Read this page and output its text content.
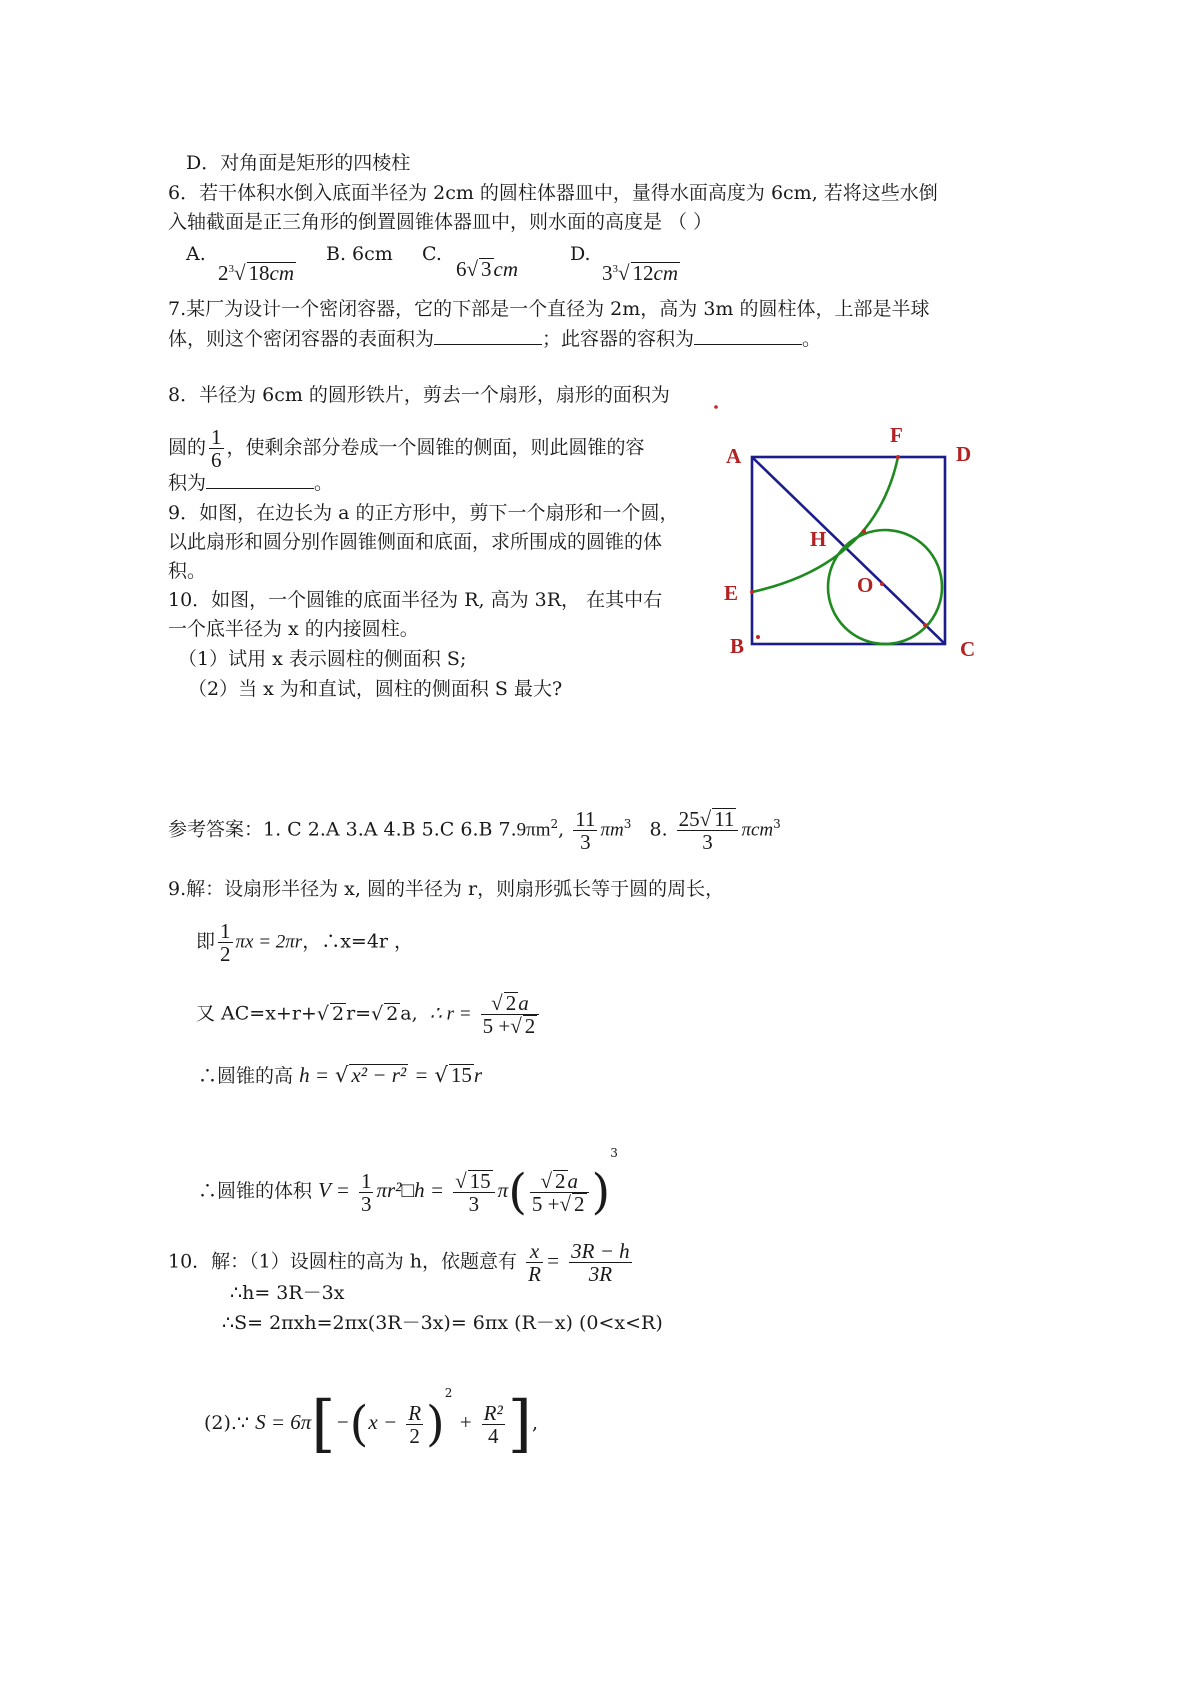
D．对角面是矩形的四棱柱
6．若干体积水倒入底面半径为 2cm 的圆柱体器皿中，量得水面高度为 6cm, 若将这些水倒
入轴截面是正三角形的倒置圆锥体器皿中，则水面的高度是 （ ）
A.
$2^3√$ 18cm
B. 6cm C.
6√ 3cm
D.
$3^3√$ 12cm
7.某厂为设计一个密闭容器，它的下部是一个直径为 2m，高为 3m 的圆柱体，上部是半球
体，则这个密闭容器的表面积为	；此容器的容积为	。
8．半径为 6cm 的圆形铁片，剪去一个扇形，扇形的面积为
圆的 $\frac{1}{6}$ ，使剩余部分卷成一个圆锥的侧面，则此圆锥的容
积为	。
9．如图，在边长为 a 的正方形中，剪下一个扇形和一个圆，
以此扇形和圆分别作圆锥侧面和底面，求所围成的圆锥的体
积。
10．如图，一个圆锥的底面半径为 R, 高为 3R， 在其中右
一个底半径为 x 的内接圆柱。
（1）试用 x 表示圆柱的侧面积 S;
（2）当 x 为和直试，圆柱的侧面积 S 最大?
A	D
B	C
F
H
E	O
参考答案：1. C 2.A 3.A 4.B 5.C 6.B $7.9\pi m^2$, $\frac{11}{3} \pi m^3$ 8. $\frac{25√ 11}{3} \pi cm^3$
9.解：设扇形半径为 x, 圆的半径为 r，则扇形弧长等于圆的周长，
即 $\frac{1}{2}$ πx = 2πr，∴x=4r ，
又 AC=x+r+√ 2 r=√ 2 a, ∴ $r = \frac{√ 2a}{5 +√ 2}$
∴圆锥的高 h = √ x² − r² = √ 15r
∴圆锥的体积 $V = \frac{1}{3}$ πr²□h = $\frac{√ 15}{3} \pi( \frac{√ 2a}{5 +√ 2} )^3$
10．解：（1）设圆柱的高为 h，依题意有 $\frac{x}{R} = \frac{3R - h}{3R}$
∴h= 3R－3x
∴S= 2πxh=2πx(3R－3x)= 6πx (R－x) (0<x<R)
(2).∵ $S = 6\pi[-(x - \frac{R}{2} )^2 + \frac{\text{R²}}{4}$ ],
